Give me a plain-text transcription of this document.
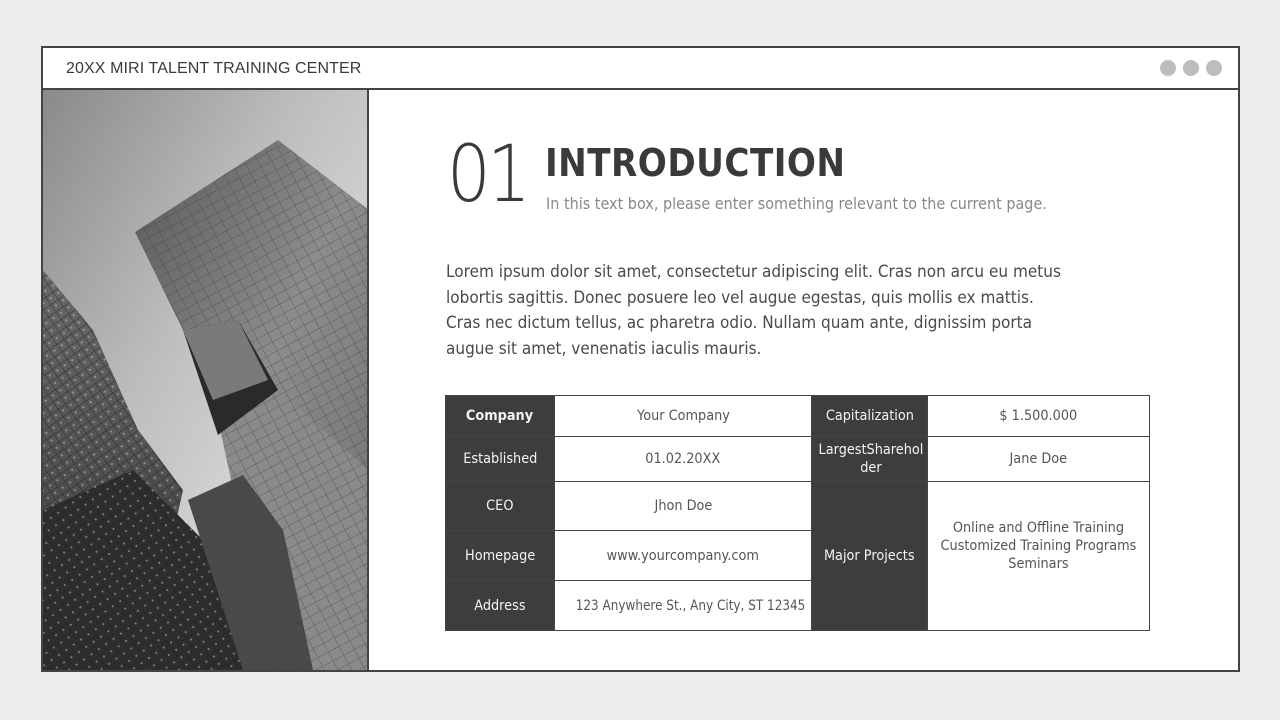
20XX MIRI TALENT TRAINING CENTER
01 INTRODUCTION
In this text box, please enter something relevant to the current page.
Lorem ipsum dolor sit amet, consectetur adipiscing elit. Cras non arcu eu metus
lobortis sagittis. Donec posuere leo vel augue egestas, quis mollis ex mattis.
Cras nec dictum tellus, ac pharetra odio. Nullam quam ante, dignissim porta
augue sit amet, venenatis iaculis mauris.
Company	Your Company	Capitalization	$ 1.500.000
Established	01.02.20XX	LargestSharehol
der	Jane Doe
CEO	Jhon Doe	Major Projects	Online and Offline Training
Customized Training Programs
Seminars

Homepage	www.yourcompany.com		
Address	123 Anywhere St., Any City, ST 12345		
